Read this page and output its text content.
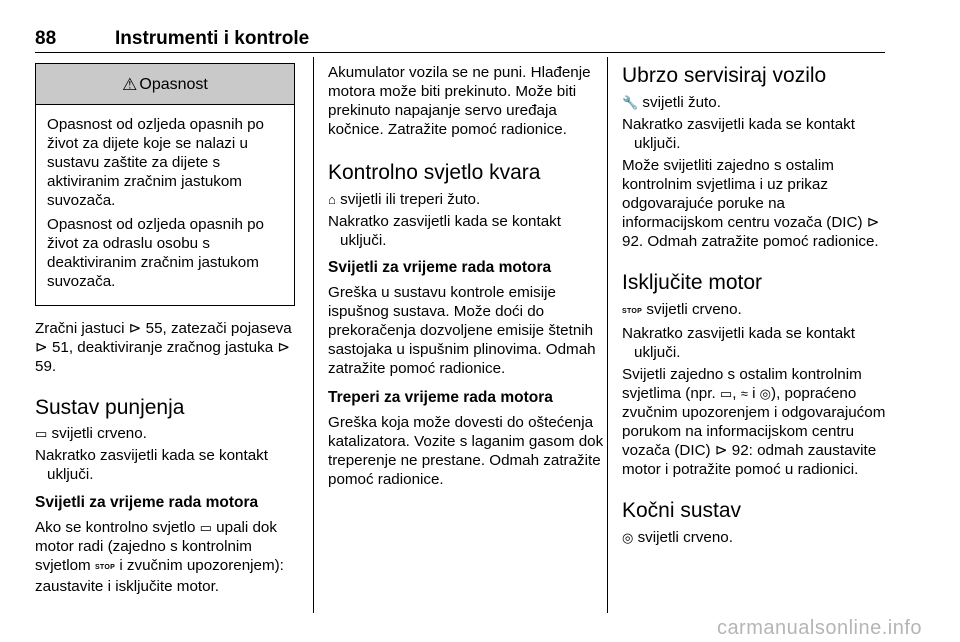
88	Instrumenti i kontrole
⚠ Opasnost

Opasnost od ozljeda opasnih po život za dijete koje se nalazi u sustavu zaštite za dijete s aktiviranim zračnim jastukom suvozača.

Opasnost od ozljeda opasnih po život za odraslu osobu s deaktiviranim zračnim jastukom suvozača.

Zračni jastuci ⊳ 55, zatezači pojaseva ⊳ 51, deaktiviranje zračnog jastuka ⊳ 59.

Sustav punjenja

▭ svijetli crveno.

Nakratko zasvijetli kada se kontakt uključi.

Svijetli za vrijeme rada motora

Ako se kontrolno svjetlo ▭ upali dok motor radi (zajedno s kontrolnim svjetlom STOP i zvučnim upozorenjem): zaustavite i isključite motor.

Akumulator vozila se ne puni. Hlađenje motora može biti prekinuto. Može biti prekinuto napajanje servo uređaja kočnice. Zatražite pomoć radionice.

Kontrolno svjetlo kvara

⌂ svijetli ili treperi žuto.

Nakratko zasvijetli kada se kontakt uključi.

Svijetli za vrijeme rada motora

Greška u sustavu kontrole emisije ispušnog sustava. Može doći do prekoračenja dozvoljene emisije štetnih sastojaka u ispušnim plinovima. Odmah zatražite pomoć radionice.

Treperi za vrijeme rada motora

Greška koja može dovesti do oštećenja katalizatora. Vozite s laganim gasom dok treperenje ne prestane. Odmah zatražite pomoć radionice.

Ubrzo servisiraj vozilo

🔧 svijetli žuto.

Nakratko zasvijetli kada se kontakt uključi.

Može svijetliti zajedno s ostalim kontrolnim svjetlima i uz prikaz odgovarajuće poruke na informacijskom centru vozača (DIC) ⊳ 92. Odmah zatražite pomoć radionice.

Isključite motor

STOP svijetli crveno.

Nakratko zasvijetli kada se kontakt uključi.

Svijetli zajedno s ostalim kontrolnim svjetlima (npr. ▭, ≈ i ◎), popraćeno zvučnim upozorenjem i odgovarajućom porukom na informacijskom centru vozača (DIC) ⊳ 92: odmah zaustavite motor i potražite pomoć u radionici.

Kočni sustav

◎ svijetli crveno.

carmanualsonline.info
